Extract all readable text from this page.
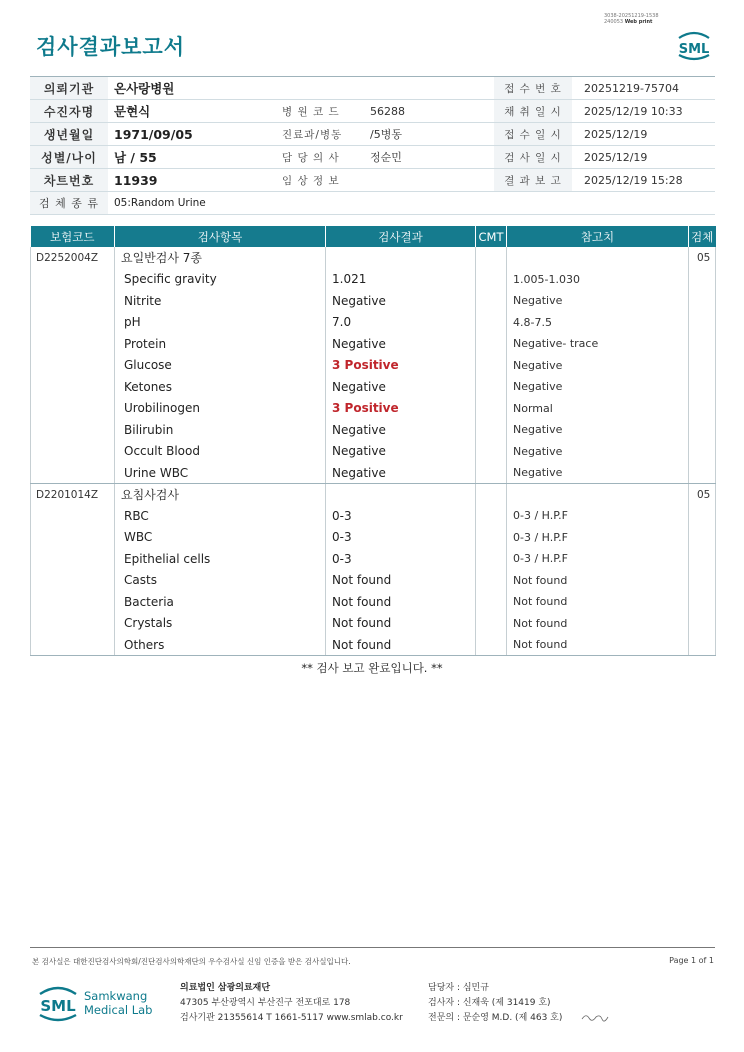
3038-20251219-1538
240053 Web print
검사결과보고서	SML
의뢰기관	온사랑병원			접 수 번 호	20251219-75704
수진자명	문현식	병 원 코 드	56288	채 취 일 시	2025/12/19 10:33
생년월일	1971/09/05	진료과/병동	/5병동	접 수 일 시	2025/12/19
성별/나이	남 / 55	담 당 의 사	정순민	검 사 일 시	2025/12/19
차트번호	11939	임 상 정 보		결 과 보 고	2025/12/19 15:28
검 체 종 류	05:Random Urine				
보험코드	검사항목	검사결과	CMT	참고치	검체
D2252004Z	요일반검사 7종				05
	Specific gravity	1.021		1.005-1.030	
	Nitrite	Negative		Negative	
	pH	7.0		4.8-7.5	
	Protein	Negative		Negative- trace	
	Glucose	3 Positive		Negative	
	Ketones	Negative		Negative	
	Urobilinogen	3 Positive		Normal	
	Bilirubin	Negative		Negative	
	Occult Blood	Negative		Negative	
	Urine WBC	Negative		Negative	
D2201014Z	요침사검사				05
	RBC	0-3		0-3 / H.P.F	
	WBC	0-3		0-3 / H.P.F	
	Epithelial cells	0-3		0-3 / H.P.F	
	Casts	Not found		Not found	
	Bacteria	Not found		Not found	
	Crystals	Not found		Not found	
	Others	Not found		Not found	
** 검사 보고 완료입니다. **
본 검사실은 대한진단검사의학회/진단검사의학재단의 우수검사실 신임 인증을 받은 검사실입니다.	Page 1 of 1
SML
Samkwang
Medical Lab
의료법인 삼광의료재단
47305 부산광역시 부산진구 전포대로 178
검사기관 21355614 T 1661-5117 www.smlab.co.kr
담당자 : 심민규
검사자 : 신재욱 (제 31419 호)
전문의 : 문순영 M.D. (제 463 호)
